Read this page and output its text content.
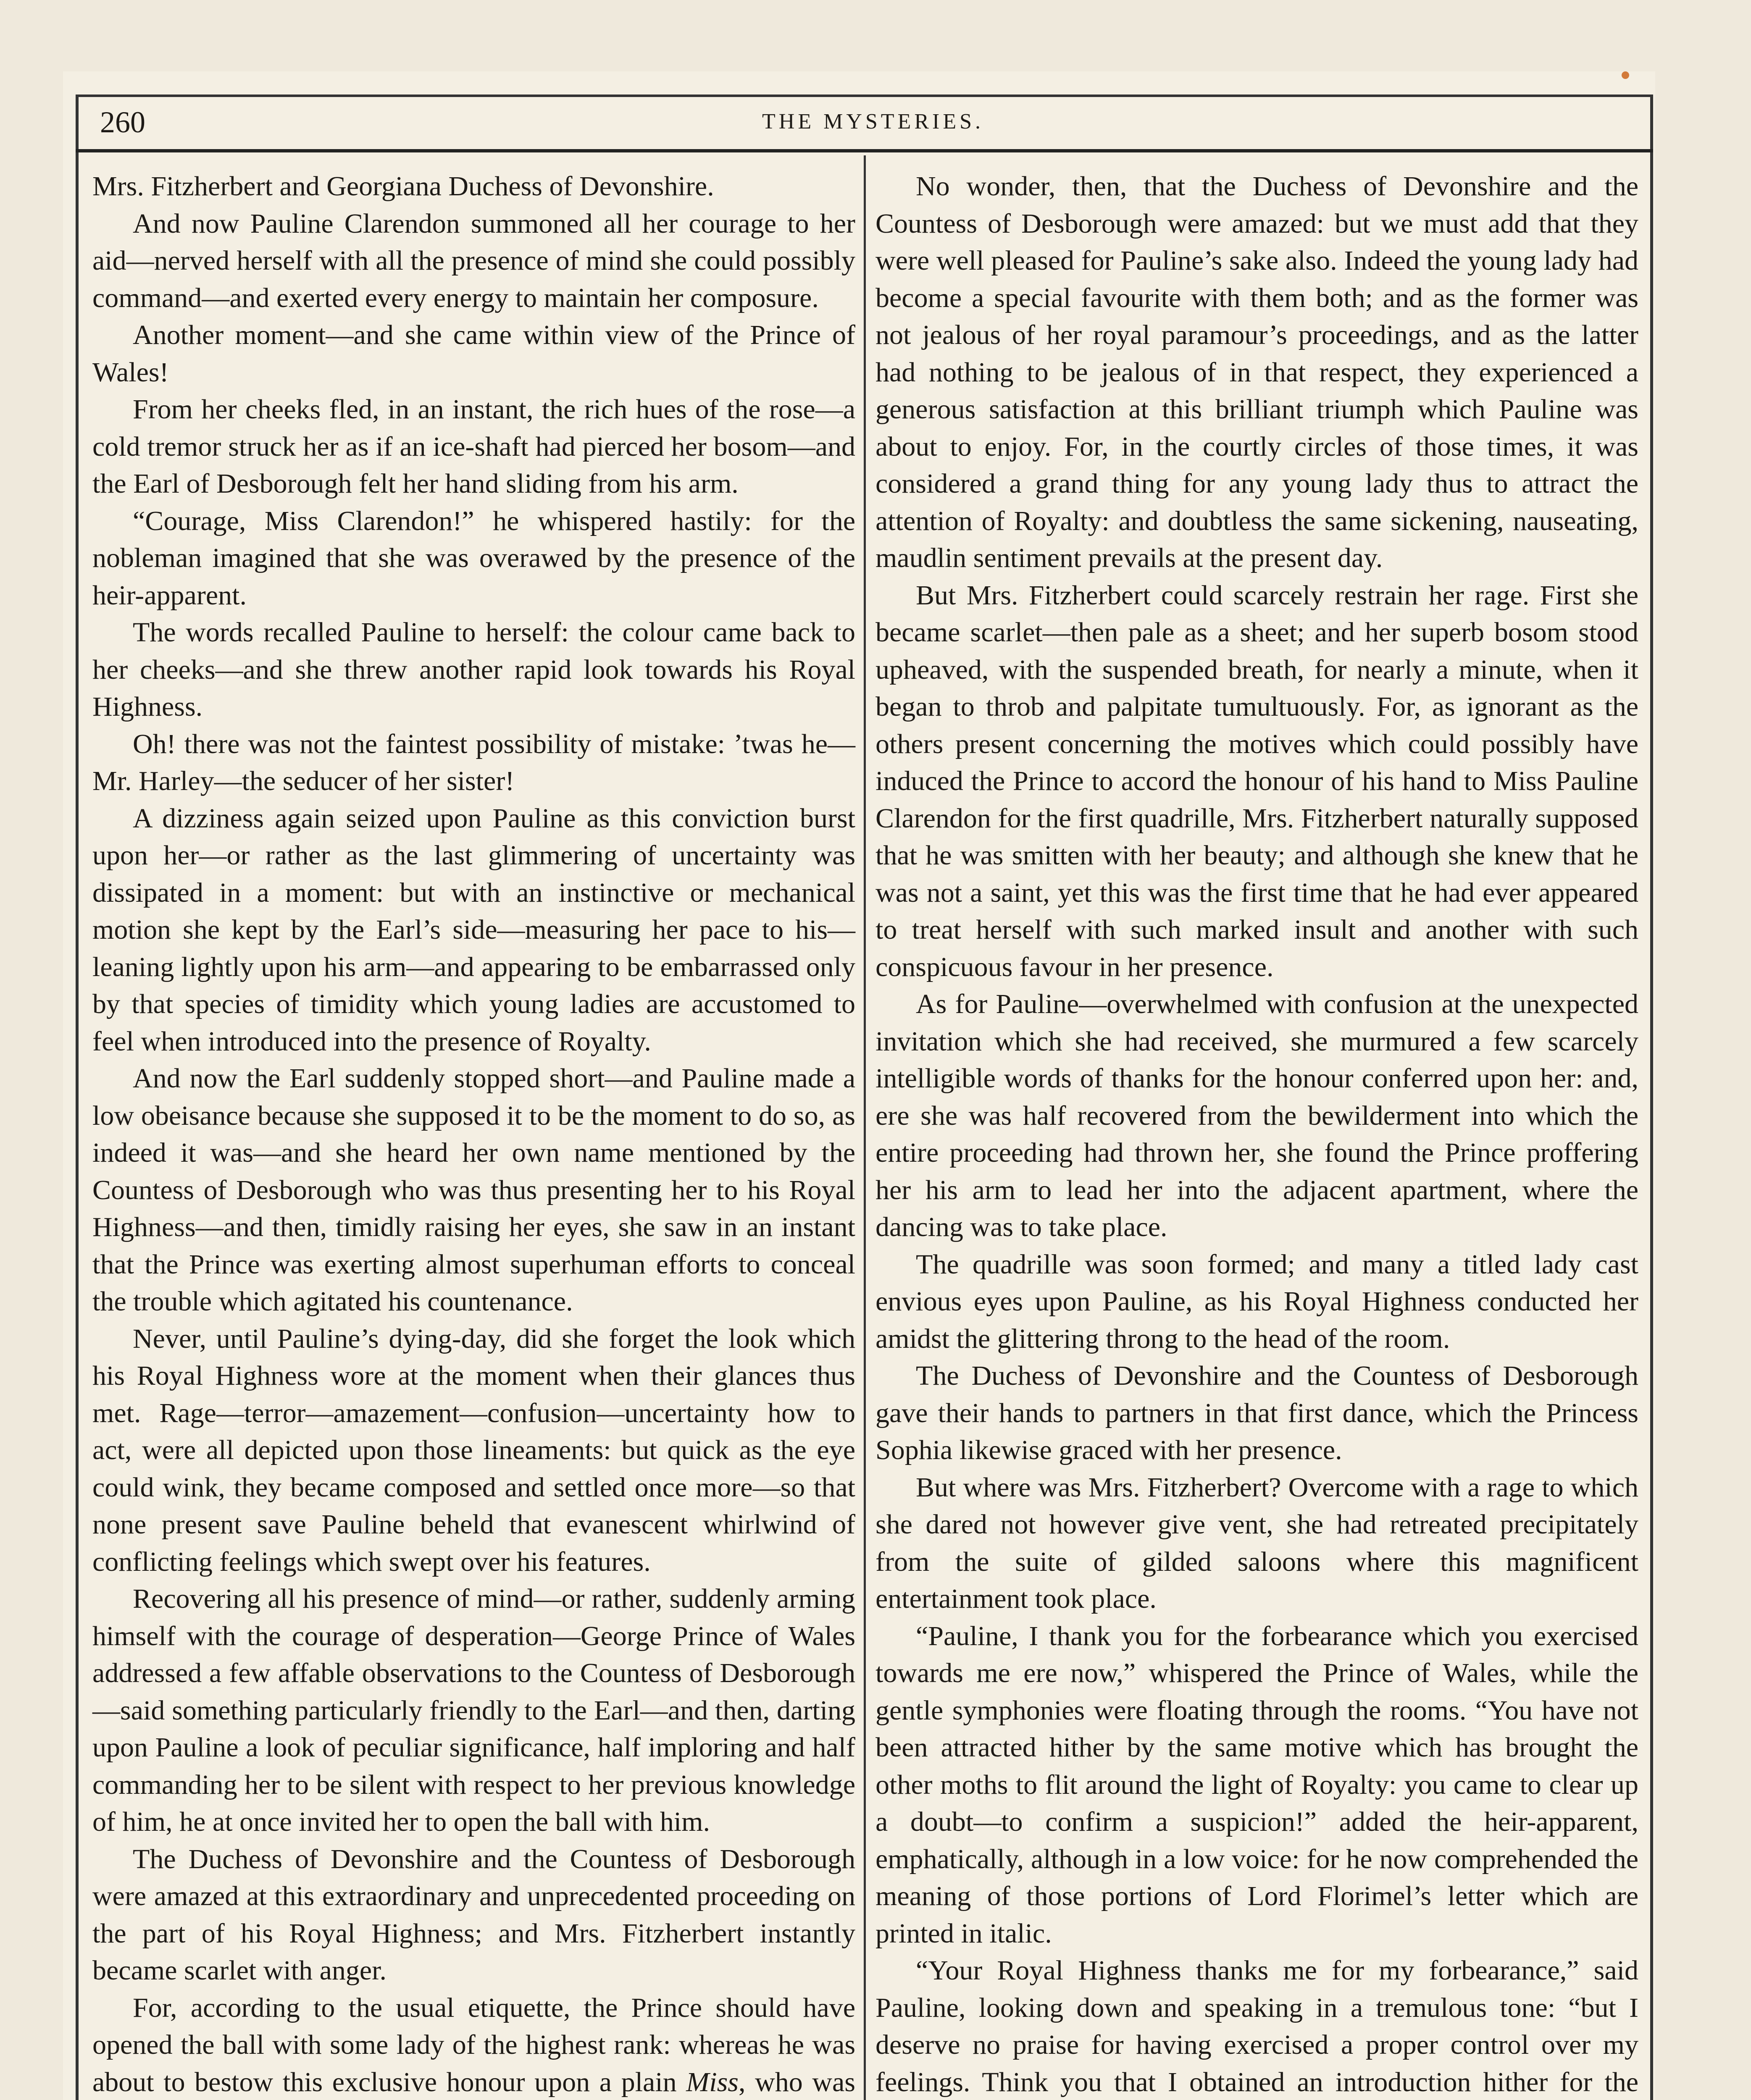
260	THE MYSTERIES.

Mrs. Fitzherbert and Georgiana Duchess of Devonshire.

And now Pauline Clarendon summoned all her courage to her aid—nerved herself with all the presence of mind she could possibly command—and exerted every energy to maintain her composure.

Another moment—and she came within view of the Prince of Wales!

From her cheeks fled, in an instant, the rich hues of the rose—a cold tremor struck her as if an ice-shaft had pierced her bosom—and the Earl of Desborough felt her hand sliding from his arm.

“Courage, Miss Clarendon!” he whispered hastily: for the nobleman imagined that she was overawed by the presence of the heir-apparent.

The words recalled Pauline to herself: the colour came back to her cheeks—and she threw another rapid look towards his Royal Highness.

Oh! there was not the faintest possibility of mistake: ’twas he—Mr. Harley—the seducer of her sister!

A dizziness again seized upon Pauline as this conviction burst upon her—or rather as the last glimmering of uncertainty was dissipated in a moment: but with an instinctive or mechanical motion she kept by the Earl’s side—measuring her pace to his—leaning lightly upon his arm—and appearing to be embarrassed only by that species of timidity which young ladies are accustomed to feel when introduced into the presence of Royalty.

And now the Earl suddenly stopped short—and Pauline made a low obeisance because she supposed it to be the moment to do so, as indeed it was—and she heard her own name mentioned by the Countess of Desborough who was thus presenting her to his Royal Highness—and then, timidly raising her eyes, she saw in an instant that the Prince was exerting almost superhuman efforts to conceal the trouble which agitated his countenance.

Never, until Pauline’s dying-day, did she forget the look which his Royal Highness wore at the moment when their glances thus met. Rage—terror—amazement—confusion—uncertainty how to act, were all depicted upon those lineaments: but quick as the eye could wink, they became composed and settled once more—so that none present save Pauline beheld that evanescent whirlwind of conflicting feelings which swept over his features.

Recovering all his presence of mind—or rather, suddenly arming himself with the courage of desperation—George Prince of Wales addressed a few affable observations to the Countess of Desborough—said something particularly friendly to the Earl—and then, darting upon Pauline a look of peculiar significance, half imploring and half commanding her to be silent with respect to her previous knowledge of him, he at once invited her to open the ball with him.

The Duchess of Devonshire and the Countess of Desborough were amazed at this extraordinary and unprecedented proceeding on the part of his Royal Highness; and Mrs. Fitzherbert instantly became scarlet with anger.

For, according to the usual etiquette, the Prince should have opened the ball with some lady of the highest rank: whereas he was about to bestow this exclusive honour upon a plain Miss, who was

No wonder, then, that the Duchess of Devonshire and the Countess of Desborough were amazed: but we must add that they were well pleased for Pauline’s sake also. Indeed the young lady had become a special favourite with them both; and as the former was not jealous of her royal paramour’s proceedings, and as the latter had nothing to be jealous of in that respect, they experienced a generous satisfaction at this brilliant triumph which Pauline was about to enjoy. For, in the courtly circles of those times, it was considered a grand thing for any young lady thus to attract the attention of Royalty: and doubtless the same sickening, nauseating, maudlin sentiment prevails at the present day.

But Mrs. Fitzherbert could scarcely restrain her rage. First she became scarlet—then pale as a sheet; and her superb bosom stood upheaved, with the suspended breath, for nearly a minute, when it began to throb and palpitate tumultuously. For, as ignorant as the others present concerning the motives which could possibly have induced the Prince to accord the honour of his hand to Miss Pauline Clarendon for the first quadrille, Mrs. Fitzherbert naturally supposed that he was smitten with her beauty; and although she knew that he was not a saint, yet this was the first time that he had ever appeared to treat herself with such marked insult and another with such conspicuous favour in her presence.

As for Pauline—overwhelmed with confusion at the unexpected invitation which she had received, she murmured a few scarcely intelligible words of thanks for the honour conferred upon her: and, ere she was half recovered from the bewilderment into which the entire proceeding had thrown her, she found the Prince proffering her his arm to lead her into the adjacent apartment, where the dancing was to take place.

The quadrille was soon formed; and many a titled lady cast envious eyes upon Pauline, as his Royal Highness conducted her amidst the glittering throng to the head of the room.

The Duchess of Devonshire and the Countess of Desborough gave their hands to partners in that first dance, which the Princess Sophia likewise graced with her presence.

But where was Mrs. Fitzherbert? Overcome with a rage to which she dared not however give vent, she had retreated precipitately from the suite of gilded saloons where this magnificent entertainment took place.

“Pauline, I thank you for the forbearance which you exercised towards me ere now,” whispered the Prince of Wales, while the gentle symphonies were floating through the rooms. “You have not been attracted hither by the same motive which has brought the other moths to flit around the light of Royalty: you came to clear up a doubt—to confirm a suspicion!” added the heir-apparent, emphatically, although in a low voice: for he now comprehended the meaning of those portions of Lord Florimel’s letter which are printed in italic.

“Your Royal Highness thanks me for my forbearance,” said Pauline, looking down and speaking in a tremulous tone: “but I deserve no praise for having exercised a proper control over my feelings. Think you that I obtained an introduction hither for the
